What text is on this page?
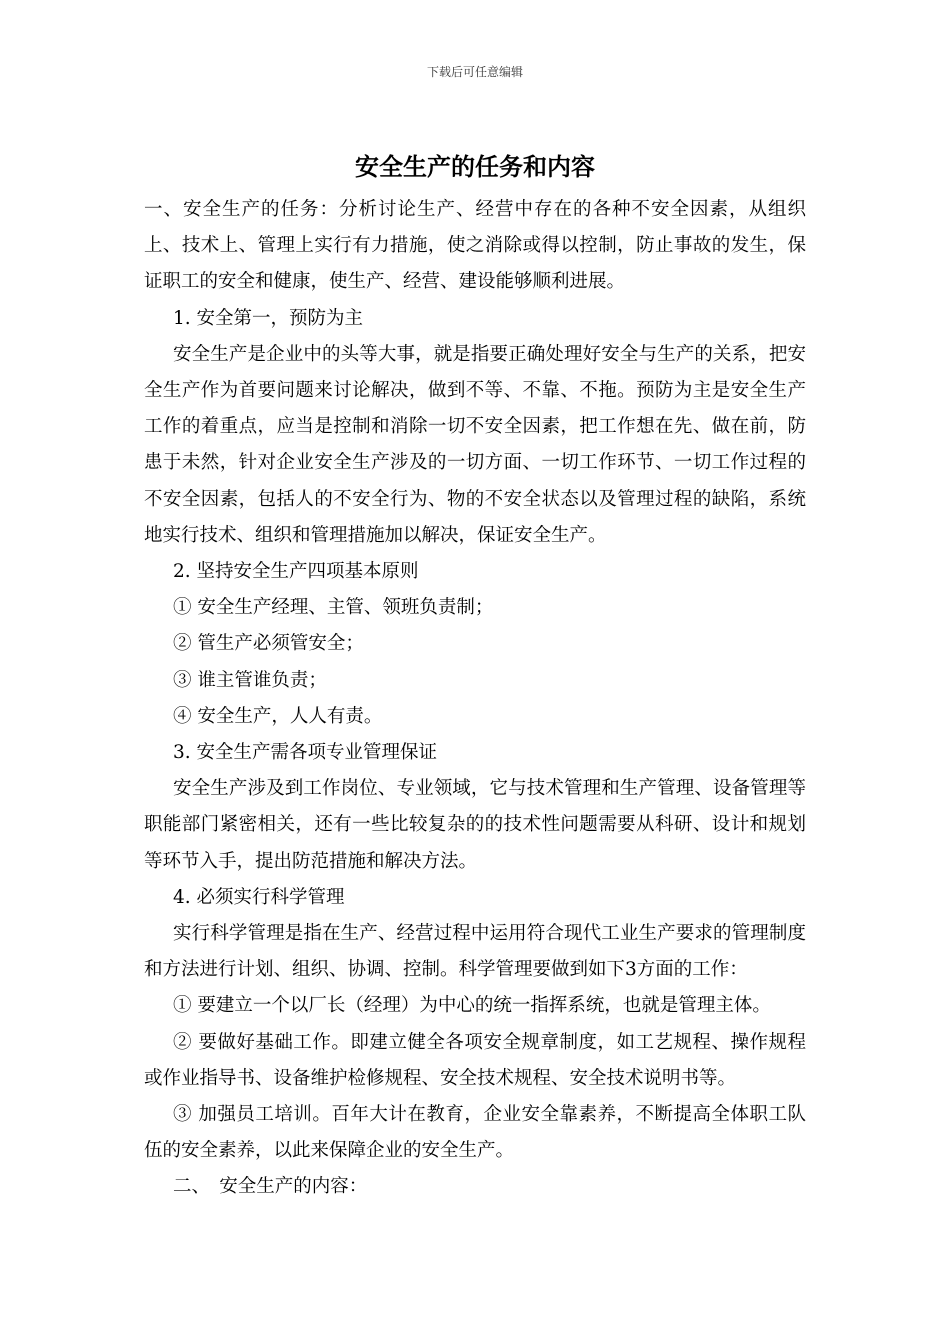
下载后可任意编辑
安全生产的任务和内容

一、安全生产的任务：分析讨论生产、经营中存在的各种不安全因素，从组织上、技术上、管理上实行有力措施，使之消除或得以控制，防止事故的发生，保证职工的安全和健康，使生产、经营、建设能够顺利进展。

1. 安全第一，预防为主

安全生产是企业中的头等大事，就是指要正确处理好安全与生产的关系，把安全生产作为首要问题来讨论解决，做到不等、不靠、不拖。预防为主是安全生产工作的着重点，应当是控制和消除一切不安全因素，把工作想在先、做在前，防患于未然，针对企业安全生产涉及的一切方面、一切工作环节、一切工作过程的不安全因素，包括人的不安全行为、物的不安全状态以及管理过程的缺陷，系统地实行技术、组织和管理措施加以解决，保证安全生产。

2. 坚持安全生产四项基本原则

① 安全生产经理、主管、领班负责制；

② 管生产必须管安全；

③ 谁主管谁负责；

④ 安全生产，人人有责。

3. 安全生产需各项专业管理保证

安全生产涉及到工作岗位、专业领域，它与技术管理和生产管理、设备管理等职能部门紧密相关，还有一些比较复杂的的技术性问题需要从科研、设计和规划等环节入手，提出防范措施和解决方法。

4. 必须实行科学管理

实行科学管理是指在生产、经营过程中运用符合现代工业生产要求的管理制度和方法进行计划、组织、协调、控制。科学管理要做到如下3方面的工作：

① 要建立一个以厂长（经理）为中心的统一指挥系统，也就是管理主体。

② 要做好基础工作。即建立健全各项安全规章制度，如工艺规程、操作规程或作业指导书、设备维护检修规程、安全技术规程、安全技术说明书等。

③ 加强员工培训。百年大计在教育，企业安全靠素养，不断提高全体职工队伍的安全素养，以此来保障企业的安全生产。

二、　安全生产的内容：
